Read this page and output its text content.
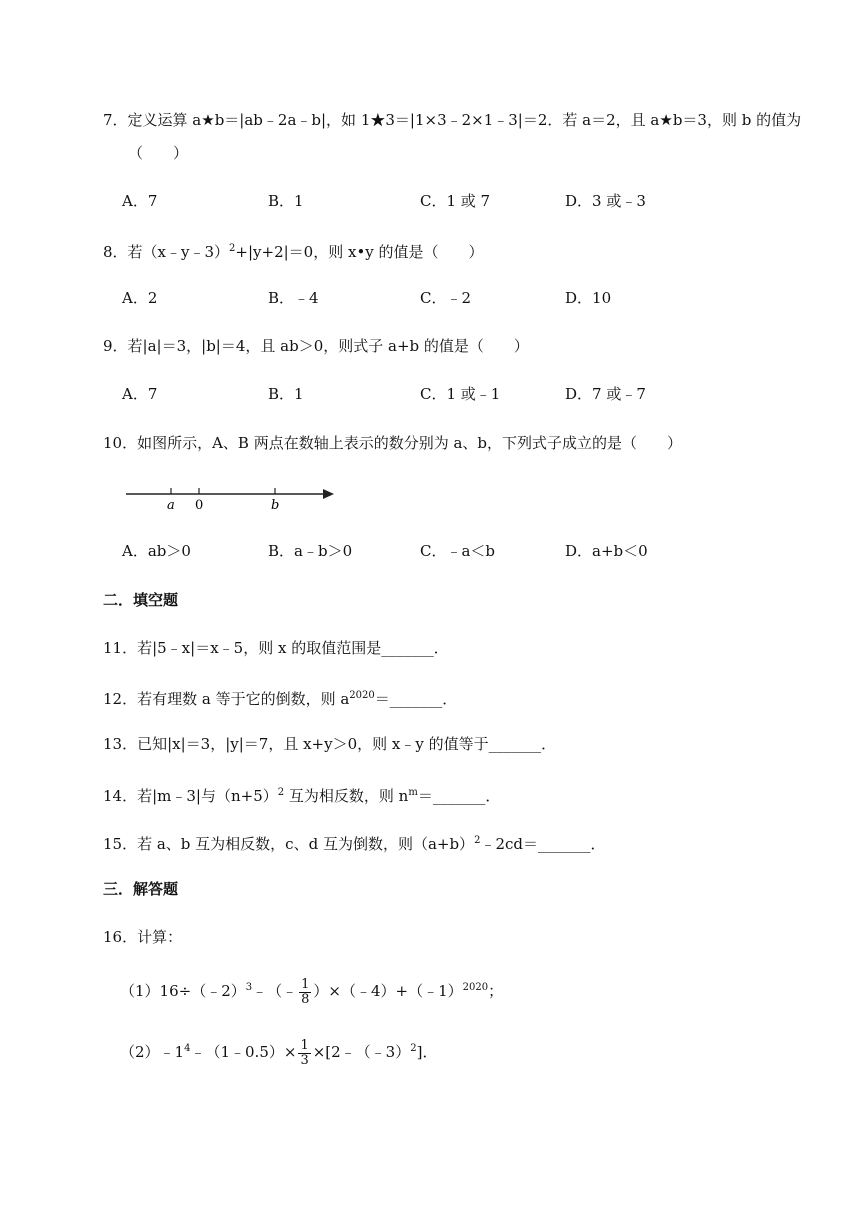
7．定义运算 a★b＝|ab﹣2a﹣b|，如 1★3＝|1×3﹣2×1﹣3|＝2．若 a＝2，且 a★b＝3，则 b 的值为
（　　）
A．7	B．1	C．1 或 7	D．3 或﹣3
8．若（x﹣y﹣3）$^2$+|y+2|＝0，则 x•y 的值是（　　）
A．2	B．﹣4	C．﹣2	D．10
9．若|a|＝3，|b|＝4，且 ab＞0，则式子 a+b 的值是（　　）
A．7	B．1	C．1 或﹣1	D．7 或﹣7
10．如图所示，A、B 两点在数轴上表示的数分别为 a、b，下列式子成立的是（　　）
a 0	b
A．ab＞0	B．a﹣b＞0	C．﹣a＜b	D．a+b＜0
二．填空题
11．若|5﹣x|＝x﹣5，则 x 的取值范围是_______．
12．若有理数 a 等于它的倒数，则 $a^{2020}=\_\_\_\_\_\_\_$．
13．已知|x|＝3，|y|＝7，且 x+y＞0，则 x﹣y 的值等于_______．
14．若|m﹣3|与$(n+5)^2$ 互为相反数，则 $n^m=\_\_\_\_\_\_\_$．
15．若 a、b 互为相反数，c、d 互为倒数，则$(a+b)^2﹣2cd=\_\_\_\_\_\_\_$．
三．解答题
16．计算：
（1）16÷（﹣2）$^3$﹣（﹣ $\frac{1}{8}$ ）×（﹣4）+（﹣1）$^{2020}$；
$(2)﹣1^4﹣(1﹣0.5)\times \frac{1}{3}$ ×[2﹣（﹣3）$^2$]．
